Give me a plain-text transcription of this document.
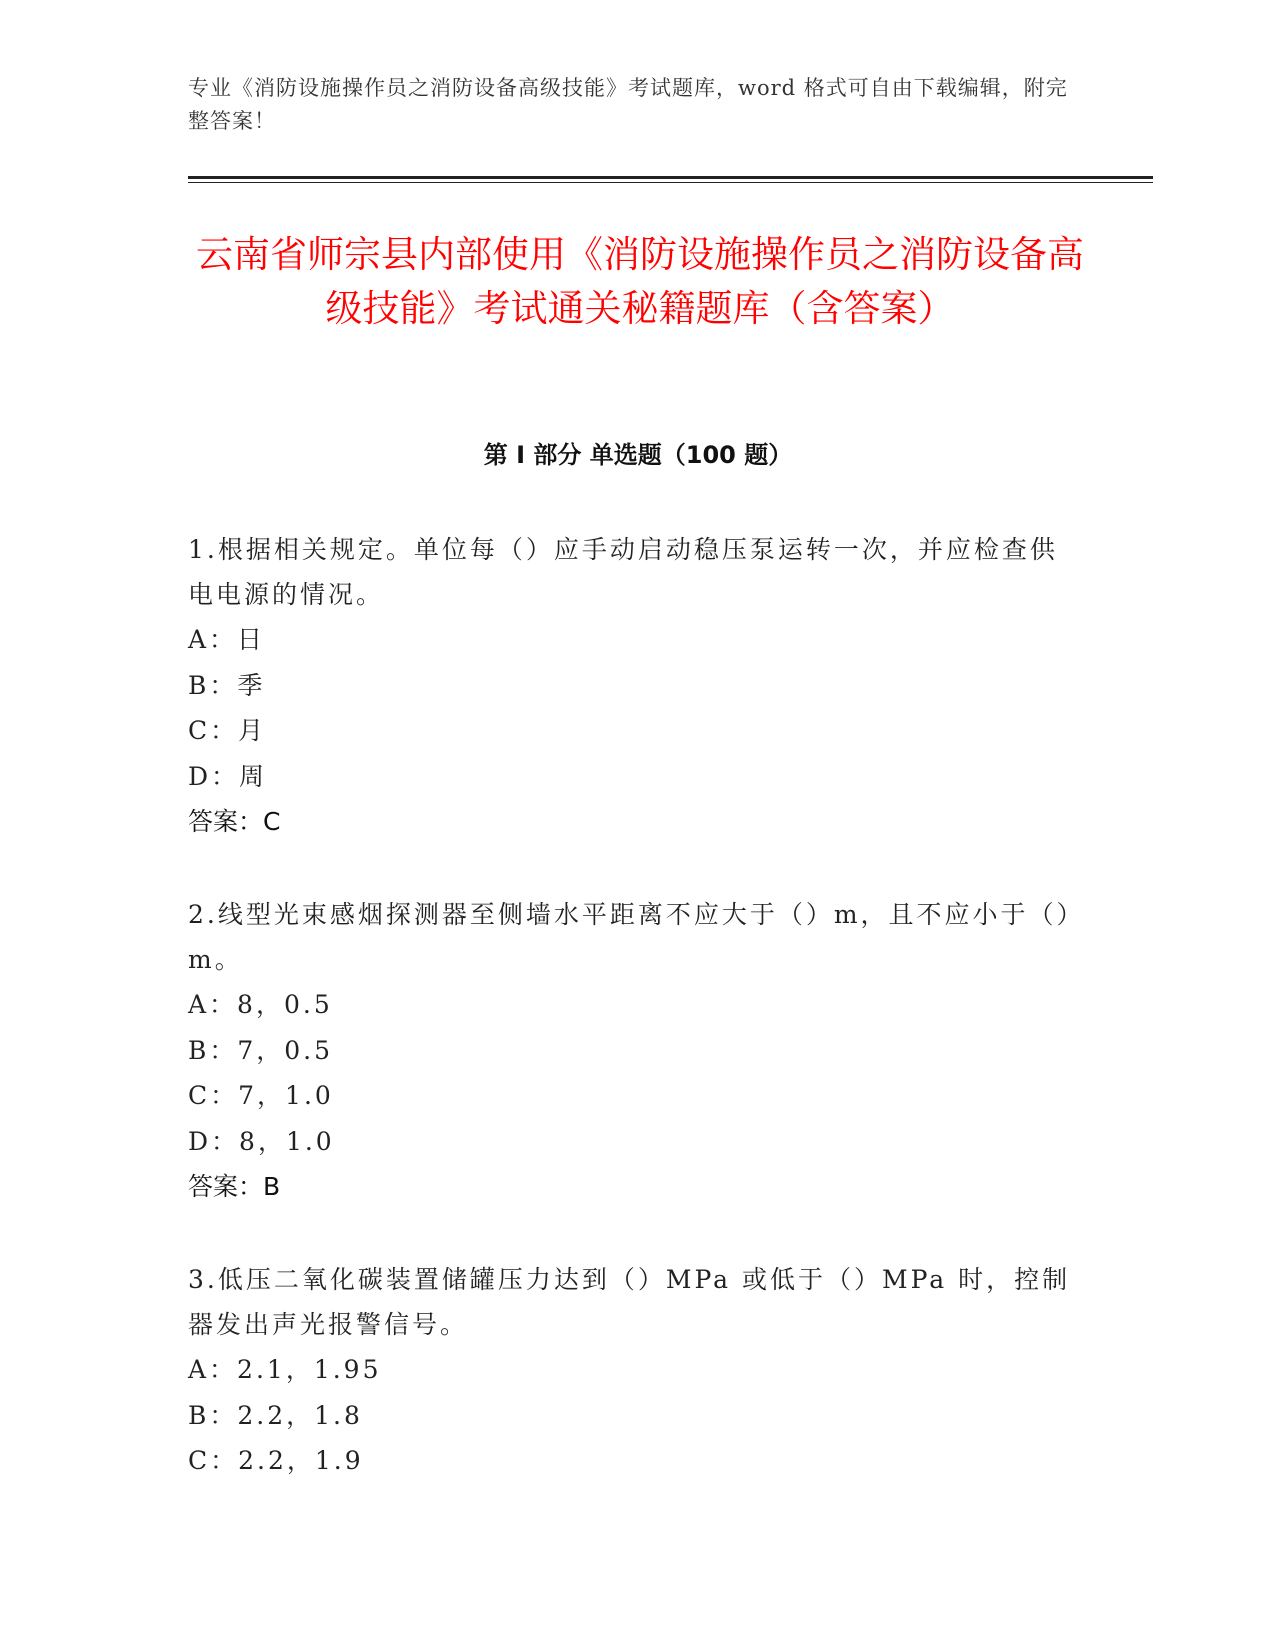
专业《消防设施操作员之消防设备高级技能》考试题库，word 格式可自由下载编辑，附完整答案！
云南省师宗县内部使用《消防设施操作员之消防设备高级技能》考试通关秘籍题库（含答案）
第 I 部分 单选题（100 题）

1.根据相关规定。单位每（）应手动启动稳压泵运转一次，并应检查供电电源的情况。

A：日
B：季
C：月
D：周
答案：C

2.线型光束感烟探测器至侧墙水平距离不应大于（）m，且不应小于（）m。

A：8，0.5
B：7，0.5
C：7，1.0
D：8，1.0
答案：B

3.低压二氧化碳装置储罐压力达到（）MPa 或低于（）MPa 时，控制器发出声光报警信号。

A：2.1，1.95
B：2.2，1.8
C：2.2，1.9
